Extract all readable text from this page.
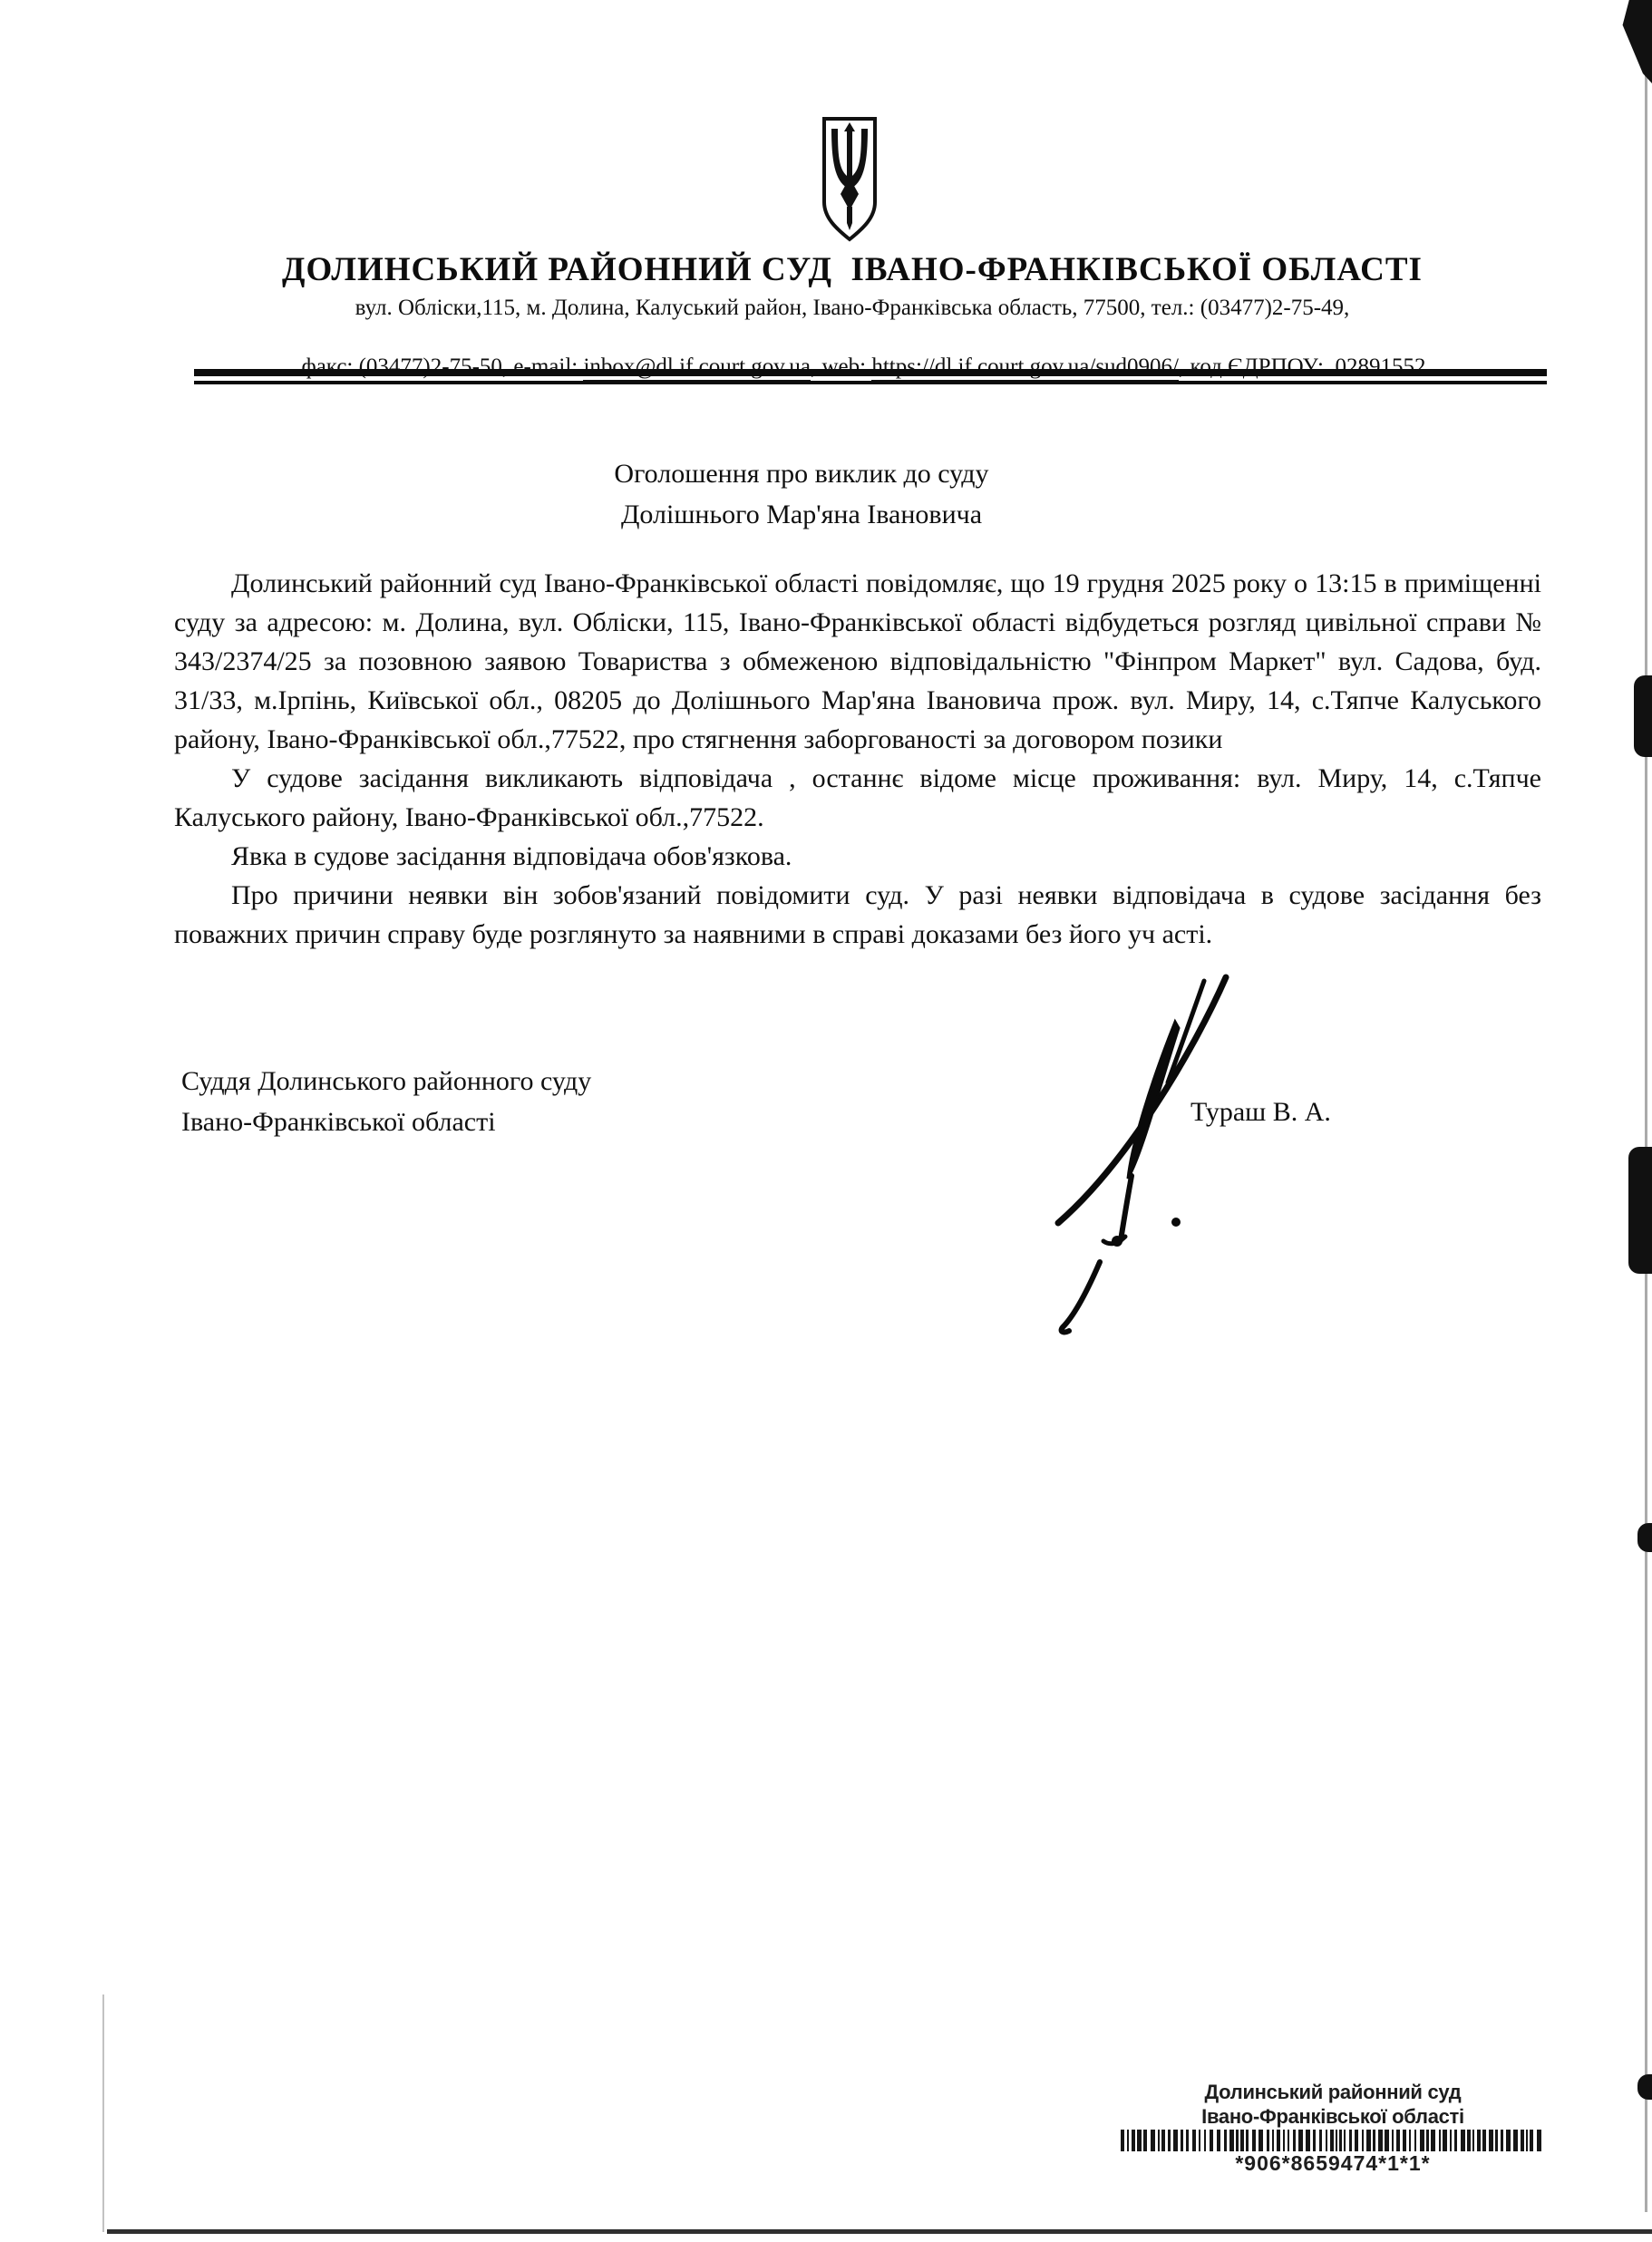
ДОЛИНСЬКИЙ РАЙОННИЙ СУД  ІВАНО-ФРАНКІВСЬКОЇ ОБЛАСТІ
вул. Обліски,115, м. Долина, Калуський район, Івано-Франківська область, 77500, тел.: (03477)2-75-49,

факс: (03477)2-75-50, e-mail: inbox@dl.if.court.gov.ua, web: https://dl.if.court.gov.ua/sud0906/, код ЄДРПОУ:  02891552

Оголошення про виклик до суду
Долішнього Мар'яна Івановича

Долинський районний суд Івано-Франківської області повідомляє, що 19 грудня 2025 року о 13:15 в приміщенні суду за адресою: м. Долина, вул. Обліски, 115, Івано-Франківської області відбудеться розгляд цивільної справи № 343/2374/25 за позовною заявою Товариства з обмеженою відповідальністю "Фінпром Маркет" вул. Садова, буд. 31/33, м.Ірпінь, Київської обл., 08205 до Долішнього Мар'яна Івановича прож. вул. Миру, 14, с.Тяпче Калуського району, Івано-Франківської обл.,77522, про стягнення заборгованості за договором позики

У судове засідання викликають відповідача , останнє відоме місце проживання: вул. Миру, 14, с.Тяпче Калуського району, Івано-Франківської обл.,77522.

Явка в судове засідання відповідача обов'язкова.

Про причини неявки він зобов'язаний повідомити суд. У разі неявки відповідача в судове засідання без поважних причин справу буде розглянуто за наявними в справі доказами без його уч асті.

Суддя Долинського районного суду
Івано-Франківської області	Тураш В. А.
Долинський районний суд
Івано-Франківської області
*906*8659474*1*1*
